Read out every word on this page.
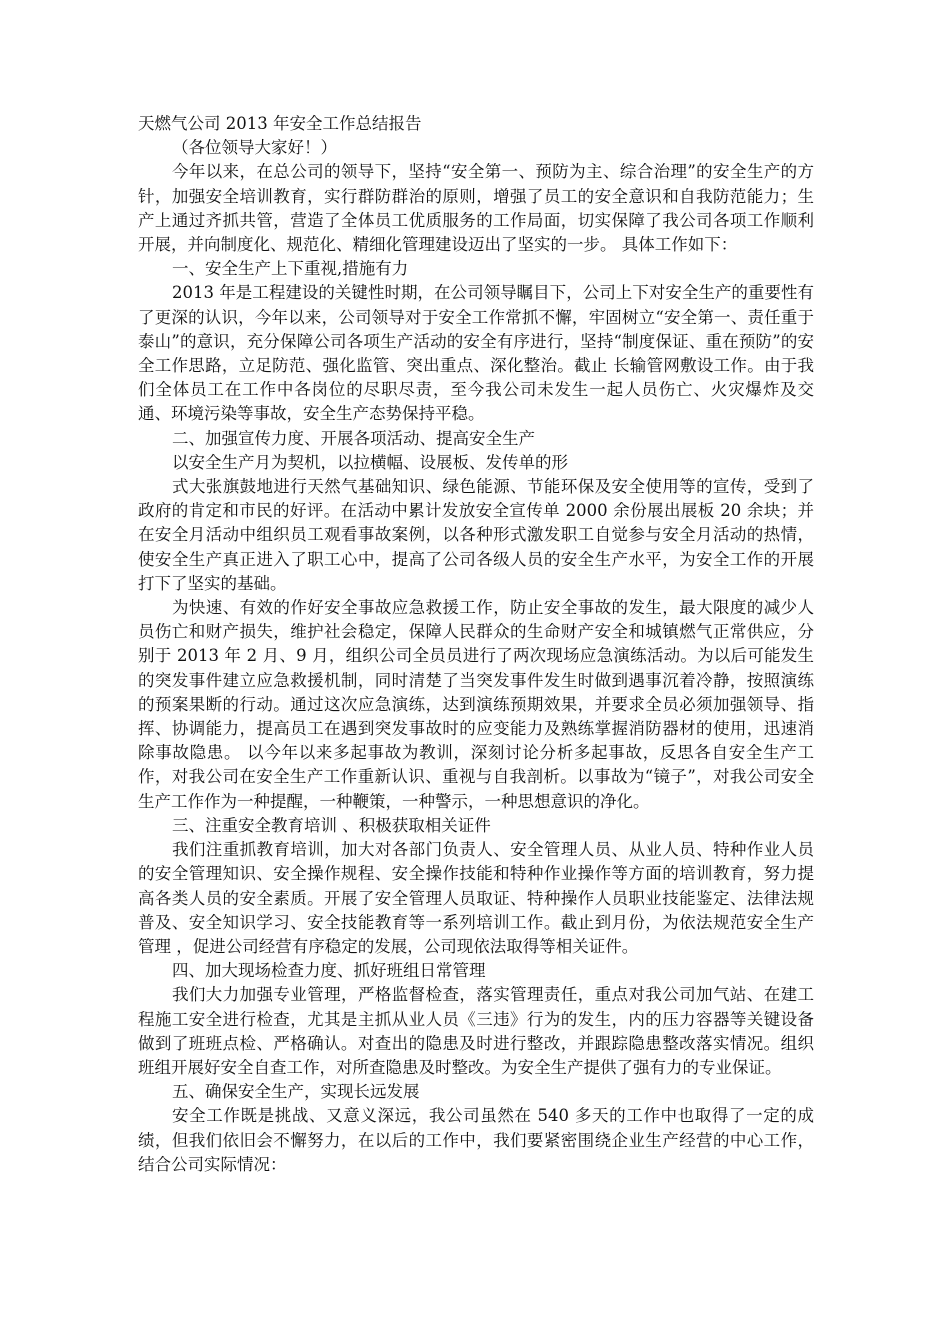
天燃气公司 2013 年安全工作总结报告

（各位领导大家好！）

今年以来，在总公司的领导下，坚持“安全第一、预防为主、综合治理”的安全生产的方针，加强安全培训教育，实行群防群治的原则，增强了员工的安全意识和自我防范能力；生产上通过齐抓共管，营造了全体员工优质服务的工作局面，切实保障了我公司各项工作顺利开展，并向制度化、规范化、精细化管理建设迈出了坚实的一步。 具体工作如下：

一、安全生产上下重视,措施有力

2013 年是工程建设的关键性时期，在公司领导瞩目下，公司上下对安全生产的重要性有了更深的认识，今年以来，公司领导对于安全工作常抓不懈，牢固树立“安全第一、责任重于泰山”的意识，充分保障公司各项生产活动的安全有序进行，坚持“制度保证、重在预防”的安全工作思路，立足防范、强化监管、突出重点、深化整治。截止 长输管网敷设工作。由于我们全体员工在工作中各岗位的尽职尽责，至今我公司未发生一起人员伤亡、火灾爆炸及交通、环境污染等事故，安全生产态势保持平稳。

二、加强宣传力度、开展各项活动、提高安全生产

以安全生产月为契机，以拉横幅、设展板、发传单的形

式大张旗鼓地进行天然气基础知识、绿色能源、节能环保及安全使用等的宣传，受到了政府的肯定和市民的好评。在活动中累计发放安全宣传单 2000 余份展出展板 20 余块；并在安全月活动中组织员工观看事故案例，以各种形式激发职工自觉参与安全月活动的热情，使安全生产真正进入了职工心中，提高了公司各级人员的安全生产水平，为安全工作的开展打下了坚实的基础。

为快速、有效的作好安全事故应急救援工作，防止安全事故的发生，最大限度的减少人员伤亡和财产损失，维护社会稳定，保障人民群众的生命财产安全和城镇燃气正常供应，分别于 2013 年 2 月、9 月，组织公司全员员进行了两次现场应急演练活动。为以后可能发生的突发事件建立应急救援机制，同时清楚了当突发事件发生时做到遇事沉着冷静，按照演练的预案果断的行动。通过这次应急演练，达到演练预期效果，并要求全员必须加强领导、指挥、协调能力，提高员工在遇到突发事故时的应变能力及熟练掌握消防器材的使用，迅速消除事故隐患。 以今年以来多起事故为教训，深刻讨论分析多起事故，反思各自安全生产工作，对我公司在安全生产工作重新认识、重视与自我剖析。以事故为“镜子”，对我公司安全生产工作作为一种提醒，一种鞭策，一种警示，一种思想意识的净化。

三、注重安全教育培训 、积极获取相关证件

我们注重抓教育培训，加大对各部门负责人、安全管理人员、从业人员、特种作业人员的安全管理知识、安全操作规程、安全操作技能和特种作业操作等方面的培训教育，努力提高各类人员的安全素质。开展了安全管理人员取证、特种操作人员职业技能鉴定、法律法规普及、安全知识学习、安全技能教育等一系列培训工作。截止到月份，为依法规范安全生产管理 ，促进公司经营有序稳定的发展，公司现依法取得等相关证件。

四、加大现场检查力度、抓好班组日常管理

我们大力加强专业管理，严格监督检查，落实管理责任，重点对我公司加气站、在建工程施工安全进行检查，尤其是主抓从业人员《三违》行为的发生，内的压力容器等关键设备做到了班班点检、严格确认。对查出的隐患及时进行整改，并跟踪隐患整改落实情况。组织班组开展好安全自查工作，对所查隐患及时整改。为安全生产提供了强有力的专业保证。

五、确保安全生产，实现长远发展

安全工作既是挑战、又意义深远，我公司虽然在 540 多天的工作中也取得了一定的成绩，但我们依旧会不懈努力，在以后的工作中，我们要紧密围绕企业生产经营的中心工作，结合公司实际情况：
